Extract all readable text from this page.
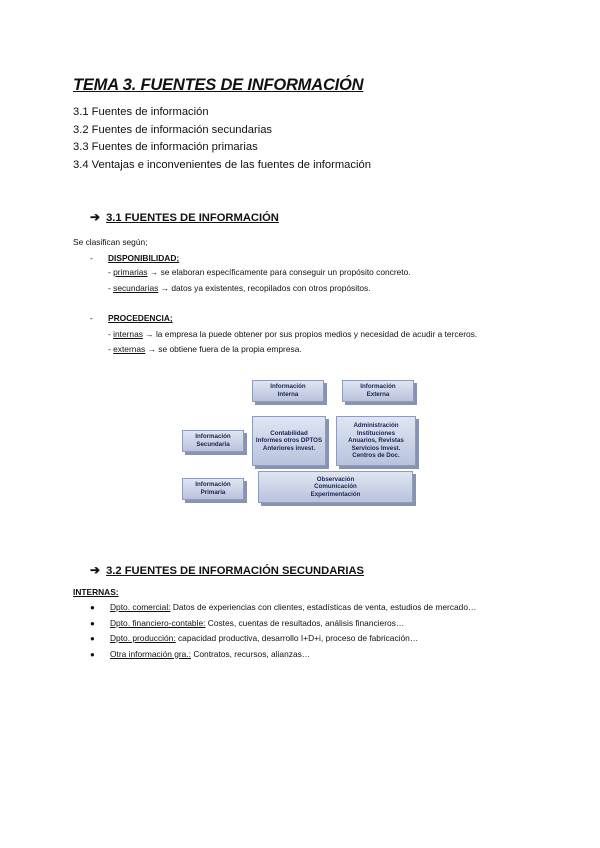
TEMA 3. FUENTES DE INFORMACIÓN
3.1 Fuentes de información
3.2 Fuentes de información secundarias
3.3 Fuentes de información primarias
3.4 Ventajas e inconvenientes de las fuentes de información
➔ 3.1 FUENTES DE INFORMACIÓN
Se clasifican según;
- DISPONIBILIDAD;
- primarias → se elaboran específicamente para conseguir un propósito concreto.
- secundarias → datos ya existentes, recopilados con otros propósitos.
- PROCEDENCIA;
- internas → la empresa la puede obtener por sus propios medios y necesidad de acudir a terceros.
- externas → se obtiene fuera de la propia empresa.
Información
Interna
Información
Externa
Información
Secundaria
Contabilidad
Informes otros DPTOS
Anteriores invest.
Administración
Instituciones
Anuarios, Revistas
Servicios Invest.
Centros de Doc.
Información
Primaria
Observación
Comunicación
Experimentación
➔ 3.2 FUENTES DE INFORMACIÓN SECUNDARIAS
INTERNAS:
● Dpto. comercial: Datos de experiencias con clientes, estadísticas de venta, estudios de mercado…
● Dpto. financiero-contable: Costes, cuentas de resultados, análisis financieros…
● Dpto. producción: capacidad productiva, desarrollo I+D+i, proceso de fabricación…
● Otra información gra.: Contratos, recursos, alianzas…
